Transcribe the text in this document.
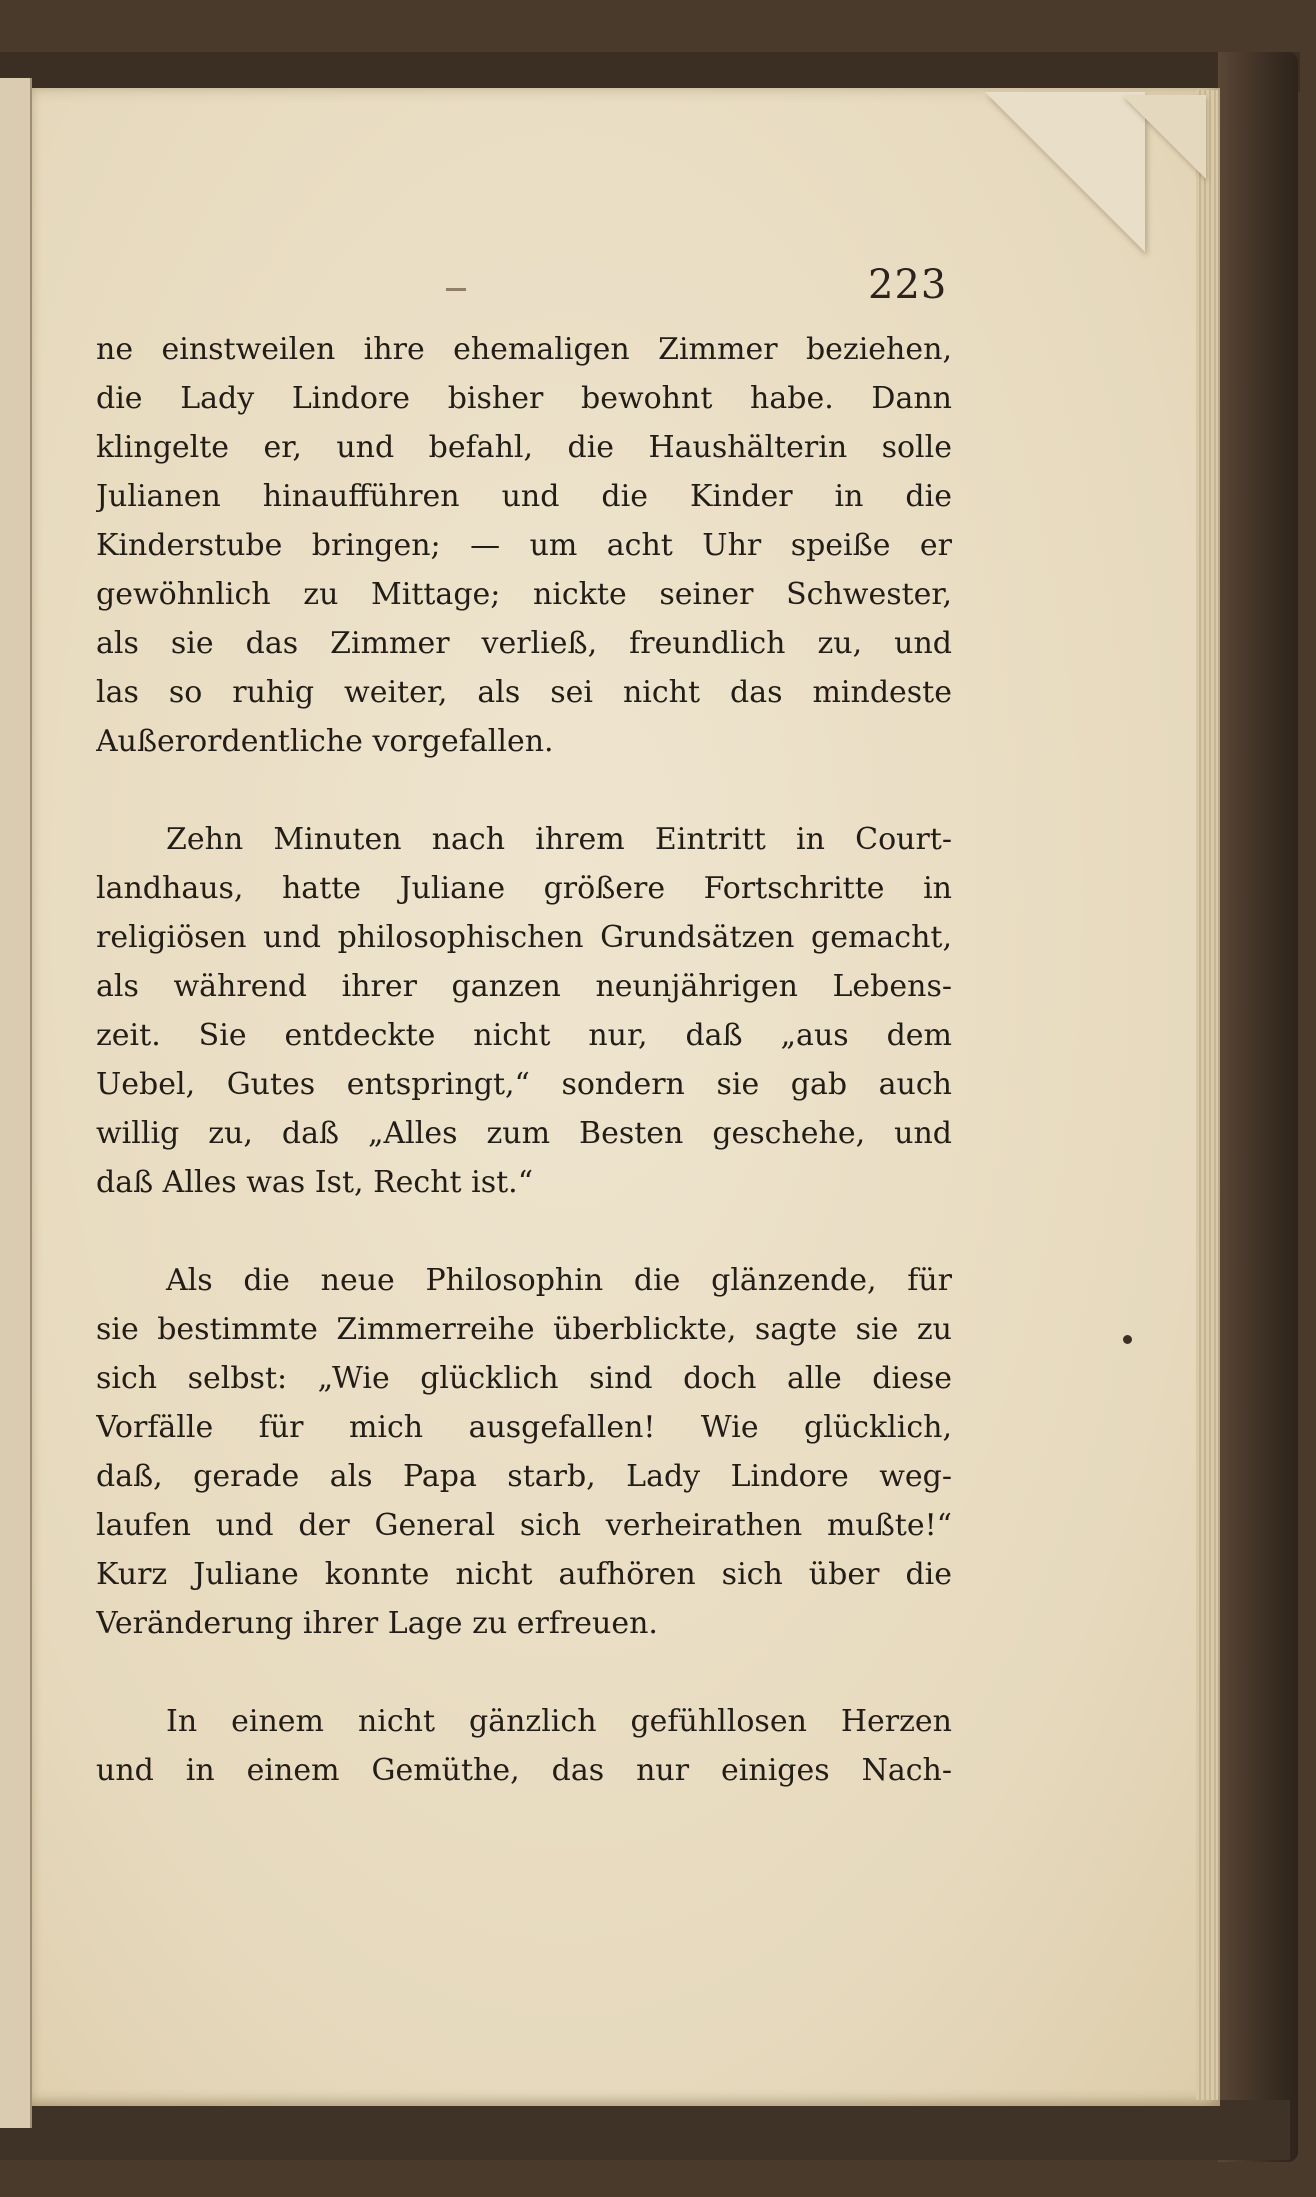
223
ne einstweilen ihre ehemaligen Zimmer beziehen,
die Lady Lindore bisher bewohnt habe. Dann
klingelte er, und befahl, die Haushälterin solle
Julianen hinaufführen und die Kinder in die
Kinderstube bringen; — um acht Uhr speiße er
gewöhnlich zu Mittage; nickte seiner Schwester,
als sie das Zimmer verließ, freundlich zu, und
las so ruhig weiter, als sei nicht das mindeste
Außerordentliche vorgefallen.
Zehn Minuten nach ihrem Eintritt in Court-
landhaus, hatte Juliane größere Fortschritte in
religiösen und philosophischen Grundsätzen gemacht,
als während ihrer ganzen neunjährigen Lebens-
zeit. Sie entdeckte nicht nur, daß „aus dem
Uebel, Gutes entspringt,“ sondern sie gab auch
willig zu, daß „Alles zum Besten geschehe, und
daß Alles was Ist, Recht ist.“
Als die neue Philosophin die glänzende, für
sie bestimmte Zimmerreihe überblickte, sagte sie zu
sich selbst: „Wie glücklich sind doch alle diese
Vorfälle für mich ausgefallen! Wie glücklich,
daß, gerade als Papa starb, Lady Lindore weg-
laufen und der General sich verheirathen mußte!“
Kurz Juliane konnte nicht aufhören sich über die
Veränderung ihrer Lage zu erfreuen.
In einem nicht gänzlich gefühllosen Herzen
und in einem Gemüthe, das nur einiges Nach-
